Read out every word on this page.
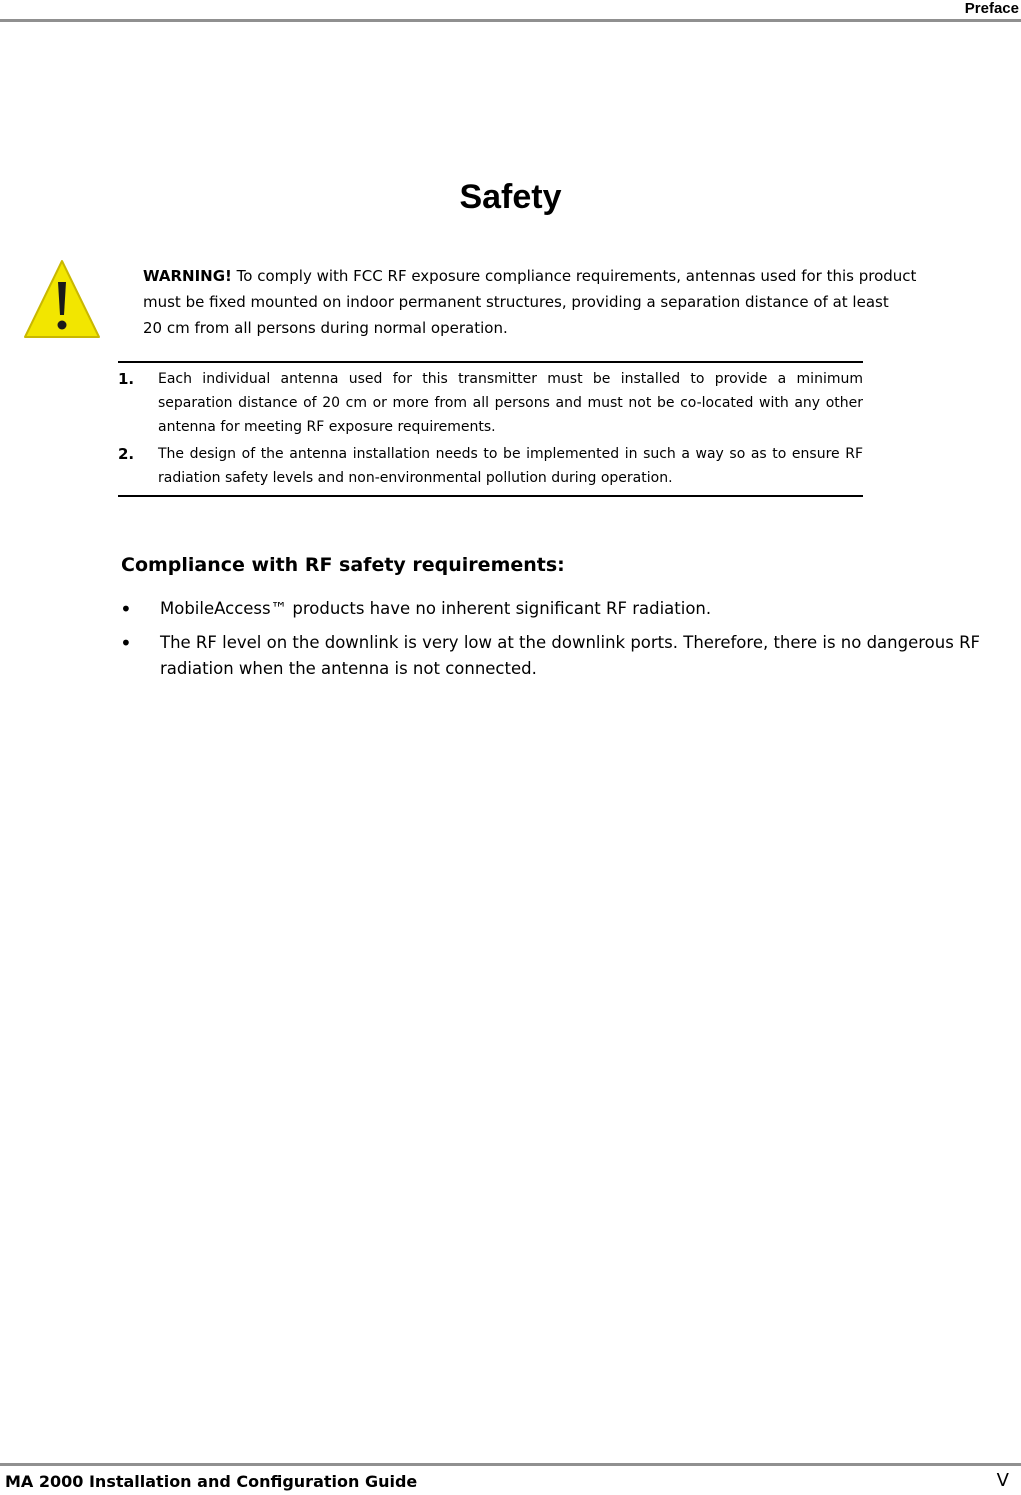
Preface
Safety
WARNING! To comply with FCC RF exposure compliance requirements, antennas used for this product
must be fixed mounted on indoor permanent structures, providing a separation distance of at least
20 cm from all persons during normal operation.
1.	Each individual antenna used for this transmitter must be installed to provide a minimum separation distance of 20 cm or more from all persons and must not be co-located with any other antenna for meeting RF exposure requirements.
2.	The design of the antenna installation needs to be implemented in such a way so as to ensure RF radiation safety levels and non-environmental pollution during operation.
Compliance with RF safety requirements:
•	MobileAccess™ products have no inherent significant RF radiation.
•	The RF level on the downlink is very low at the downlink ports. Therefore, there is no dangerous RF radiation when the antenna is not connected.
MA 2000 Installation and Configuration Guide	V
